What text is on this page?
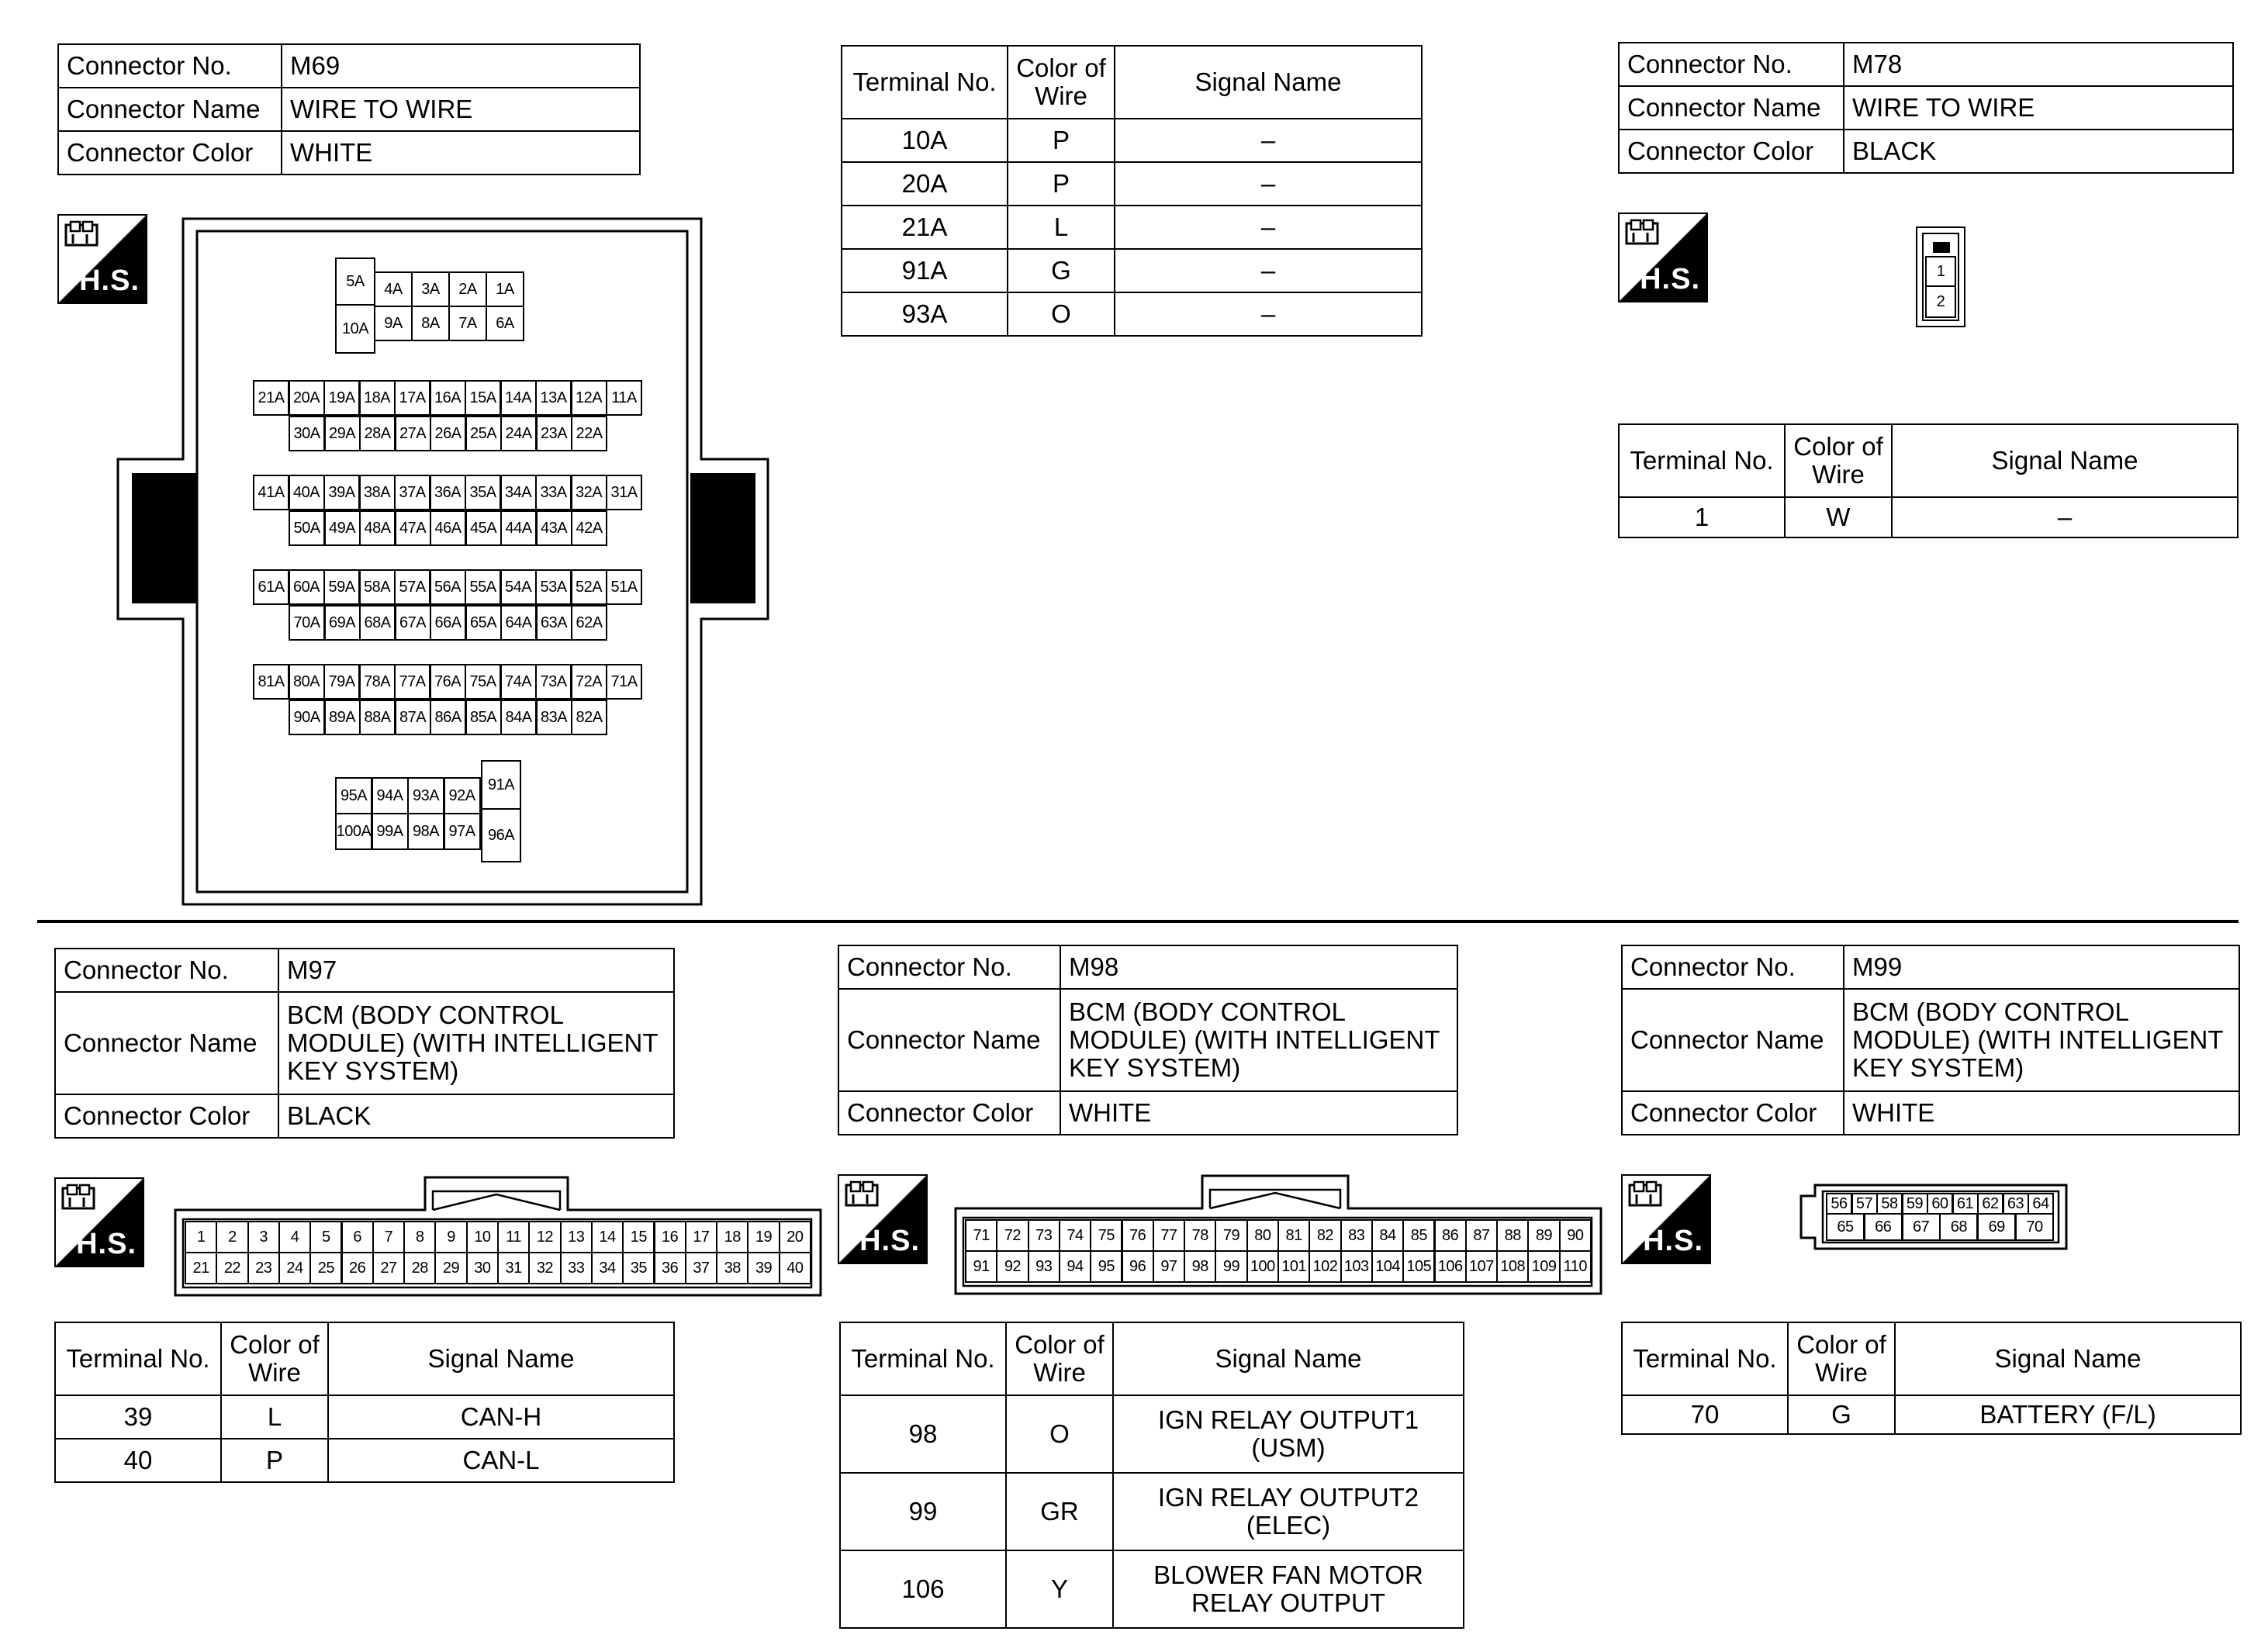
Connector No.	M69
Connector Name	WIRE TO WIRE
Connector Color	WHITE
H.S.	5A
10A
4A	3A	2A	1A
9A	8A	7A	6A
21A 20A 19A 18A 17A 16A 15A 14A 13A 12A 11A
30A 29A 28A 27A 26A 25A 24A 23A 22A
41A 40A 39A 38A 37A 36A 35A 34A 33A 32A 31A
50A 49A 48A 47A 46A 45A 44A 43A 42A
61A 60A 59A 58A 57A 56A 55A 54A 53A 52A 51A
70A 69A 68A 67A 66A 65A 64A 63A 62A
81A 80A 79A 78A 77A 76A 75A 74A 73A 72A 71A
90A 89A 88A 87A 86A 85A 84A 83A 82A
95A 94A 93A 92A
100A 99A 98A 97A
91A
96A
Terminal No.	Color of Wire	Signal Name
10A	P	–
20A	P	–
21A	L	–
91A	G	–
93A	O	–
Connector No.	M78
Connector Name	WIRE TO WIRE
Connector Color	BLACK
H.S.	1
2
Terminal No.	Color of Wire	Signal Name
1	W	–
Connector No.	M97
Connector Name	BCM (BODY CONTROL MODULE) (WITH INTELLIGENT KEY SYSTEM)
Connector Color	BLACK
H.S.	1	2	3	4	5	6	7	8	9	10 11 12 13 14 15 16 17 18 19 20
21 22 23 24 25 26 27 28 29 30 31 32 33 34 35 36 37 38 39 40
Terminal No.	Color of Wire	Signal Name
39	L	CAN-H
40	P	CAN-L
Connector No.	M98
Connector Name	BCM (BODY CONTROL MODULE) (WITH INTELLIGENT KEY SYSTEM)
Connector Color	WHITE
H.S.	71 72 73 74 75 76 77 78 79 80 81 82 83 84 85 86 87 88 89 90
91 92 93 94 95 96 97 98 99 100 101 102 103 104 105 106 107 108 109 110
Terminal No.	Color of Wire	Signal Name
98	O	IGN RELAY OUTPUT1 (USM)
99	GR	IGN RELAY OUTPUT2 (ELEC)
106	Y	BLOWER FAN MOTOR RELAY OUTPUT
Connector No.	M99
Connector Name	BCM (BODY CONTROL MODULE) (WITH INTELLIGENT KEY SYSTEM)
Connector Color	WHITE
H.S.
56 57 58 59 60 61 62 63 64
65	66	67	68	69	70
Terminal No.	Color of Wire	Signal Name
70	G	BATTERY (F/L)
